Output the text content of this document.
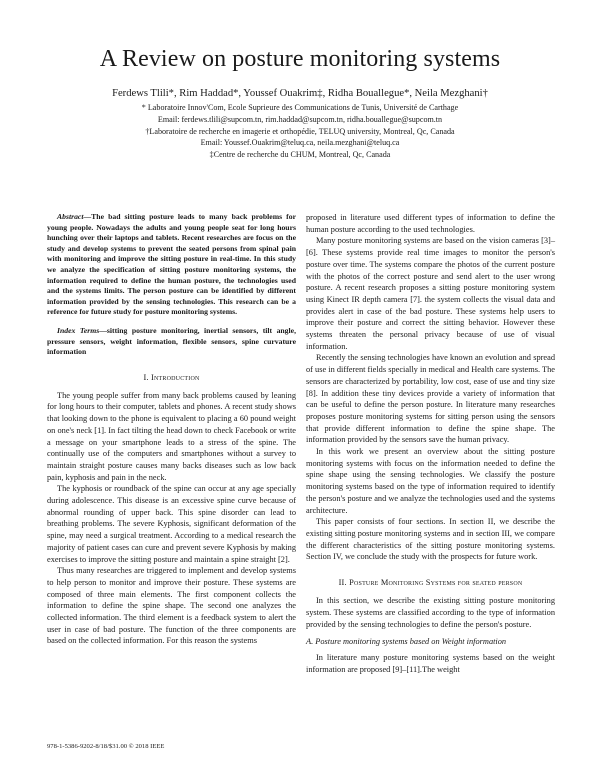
A Review on posture monitoring systems
Ferdews Tlili*, Rim Haddad*, Youssef Ouakrim‡, Ridha Bouallegue*, Neila Mezghani†

* Laboratoire Innov'Com, Ecole Suprieure des Communications de Tunis, Université de Carthage

Email: ferdews.tlili@supcom.tn, rim.haddad@supcom.tn, ridha.bouallegue@supcom.tn

†Laboratoire de recherche en imagerie et orthopédie, TELUQ university, Montreal, Qc, Canada

Email: Youssef.Ouakrim@teluq.ca, neila.mezghani@teluq.ca

‡Centre de recherche du CHUM, Montreal, Qc, Canada

Abstract—The bad sitting posture leads to many back problems for young people. Nowadays the adults and young people seat for long hours hunching over their laptops and tablets. Recent researches are focus on the study and develop systems to prevent the seated persons from spinal pain with monitoring and improve the sitting posture in real-time. In this study we analyze the specification of sitting posture monitoring systems, the information required to define the human posture, the technologies used and the systems limits. The person posture can be identified by different information provided by the sensing technologies. This research can be a reference for future study for posture monitoring systems.

Index Terms—sitting posture monitoring, inertial sensors, tilt angle, pressure sensors, weight information, flexible sensors, spine curvature information

I. Introduction

The young people suffer from many back problems caused by leaning for long hours to their computer, tablets and phones. A recent study shows that looking down to the phone is equivalent to placing a 60 pound weight on one's neck [1]. In fact tilting the head down to check Facebook or write a message on your smartphone leads to a stress of the spine. The continually use of the computers and smartphones without a survey to maintain straight posture causes many backs diseases such as low back pain, kyphosis and pain in the neck.

The kyphosis or roundback of the spine can occur at any age specially during adolescence. This disease is an excessive spine curve because of abnormal rounding of upper back. This spine disorder can lead to breathing problems. The severe Kyphosis, significant deformation of the spine, may need a surgical treatment. According to a medical research the majority of patient cases can cure and prevent severe Kyphosis by making exercises to improve the sitting posture and maintain a spine straight [2].

Thus many researches are triggered to implement and develop systems to help person to monitor and improve their posture. These systems are composed of three main elements. The first component collects the information to define the spine shape. The second one analyzes the collected information. The third element is a feedback system to alert the user in case of bad posture. The function of the three components are based on the collected information. For this reason the systems

proposed in literature used different types of information to define the human posture according to the used technologies.

Many posture monitoring systems are based on the vision cameras [3]–[6]. These systems provide real time images to monitor the person's posture over time. The systems compare the photos of the current posture with the photos of the correct posture and send alert to the user wrong posture. A recent research proposes a sitting posture monitoring system using Kinect IR depth camera [7]. the system collects the visual data and provides alert in case of the bad posture. These systems help users to improve their posture and correct the sitting behavior. However these systems threaten the personal privacy because of use of visual information.

Recently the sensing technologies have known an evolution and spread of use in different fields specially in medical and Health care systems. The sensors are characterized by portability, low cost, ease of use and tiny size [8]. In addition these tiny devices provide a variety of information that can be useful to define the person posture. In literature many researches proposes posture monitoring systems for sitting person using the sensors that provide different information to define the spine shape. The information provided by the sensors save the human privacy.

In this work we present an overview about the sitting posture monitoring systems with focus on the information needed to define the spine shape using the sensing technologies. We classify the posture monitoring systems based on the type of information required to identify the person's posture and we analyze the technologies used and the systems architecture.

This paper consists of four sections. In section II, we describe the existing sitting posture monitoring systems and in section III, we compare the different characteristics of the sitting posture monitoring systems. Section IV, we conclude the study with the prospects for future work.

II. Posture Monitoring Systems for seated person

In this section, we describe the existing sitting posture monitoring system. These systems are classified according to the type of information provided by the sensing technologies to define the person's posture.

A. Posture monitoring systems based on Weight information

In literature many posture monitoring systems based on the weight information are proposed [9]–[11].The weight

978-1-5386-9202-8/18/$31.00 © 2018 IEEE
